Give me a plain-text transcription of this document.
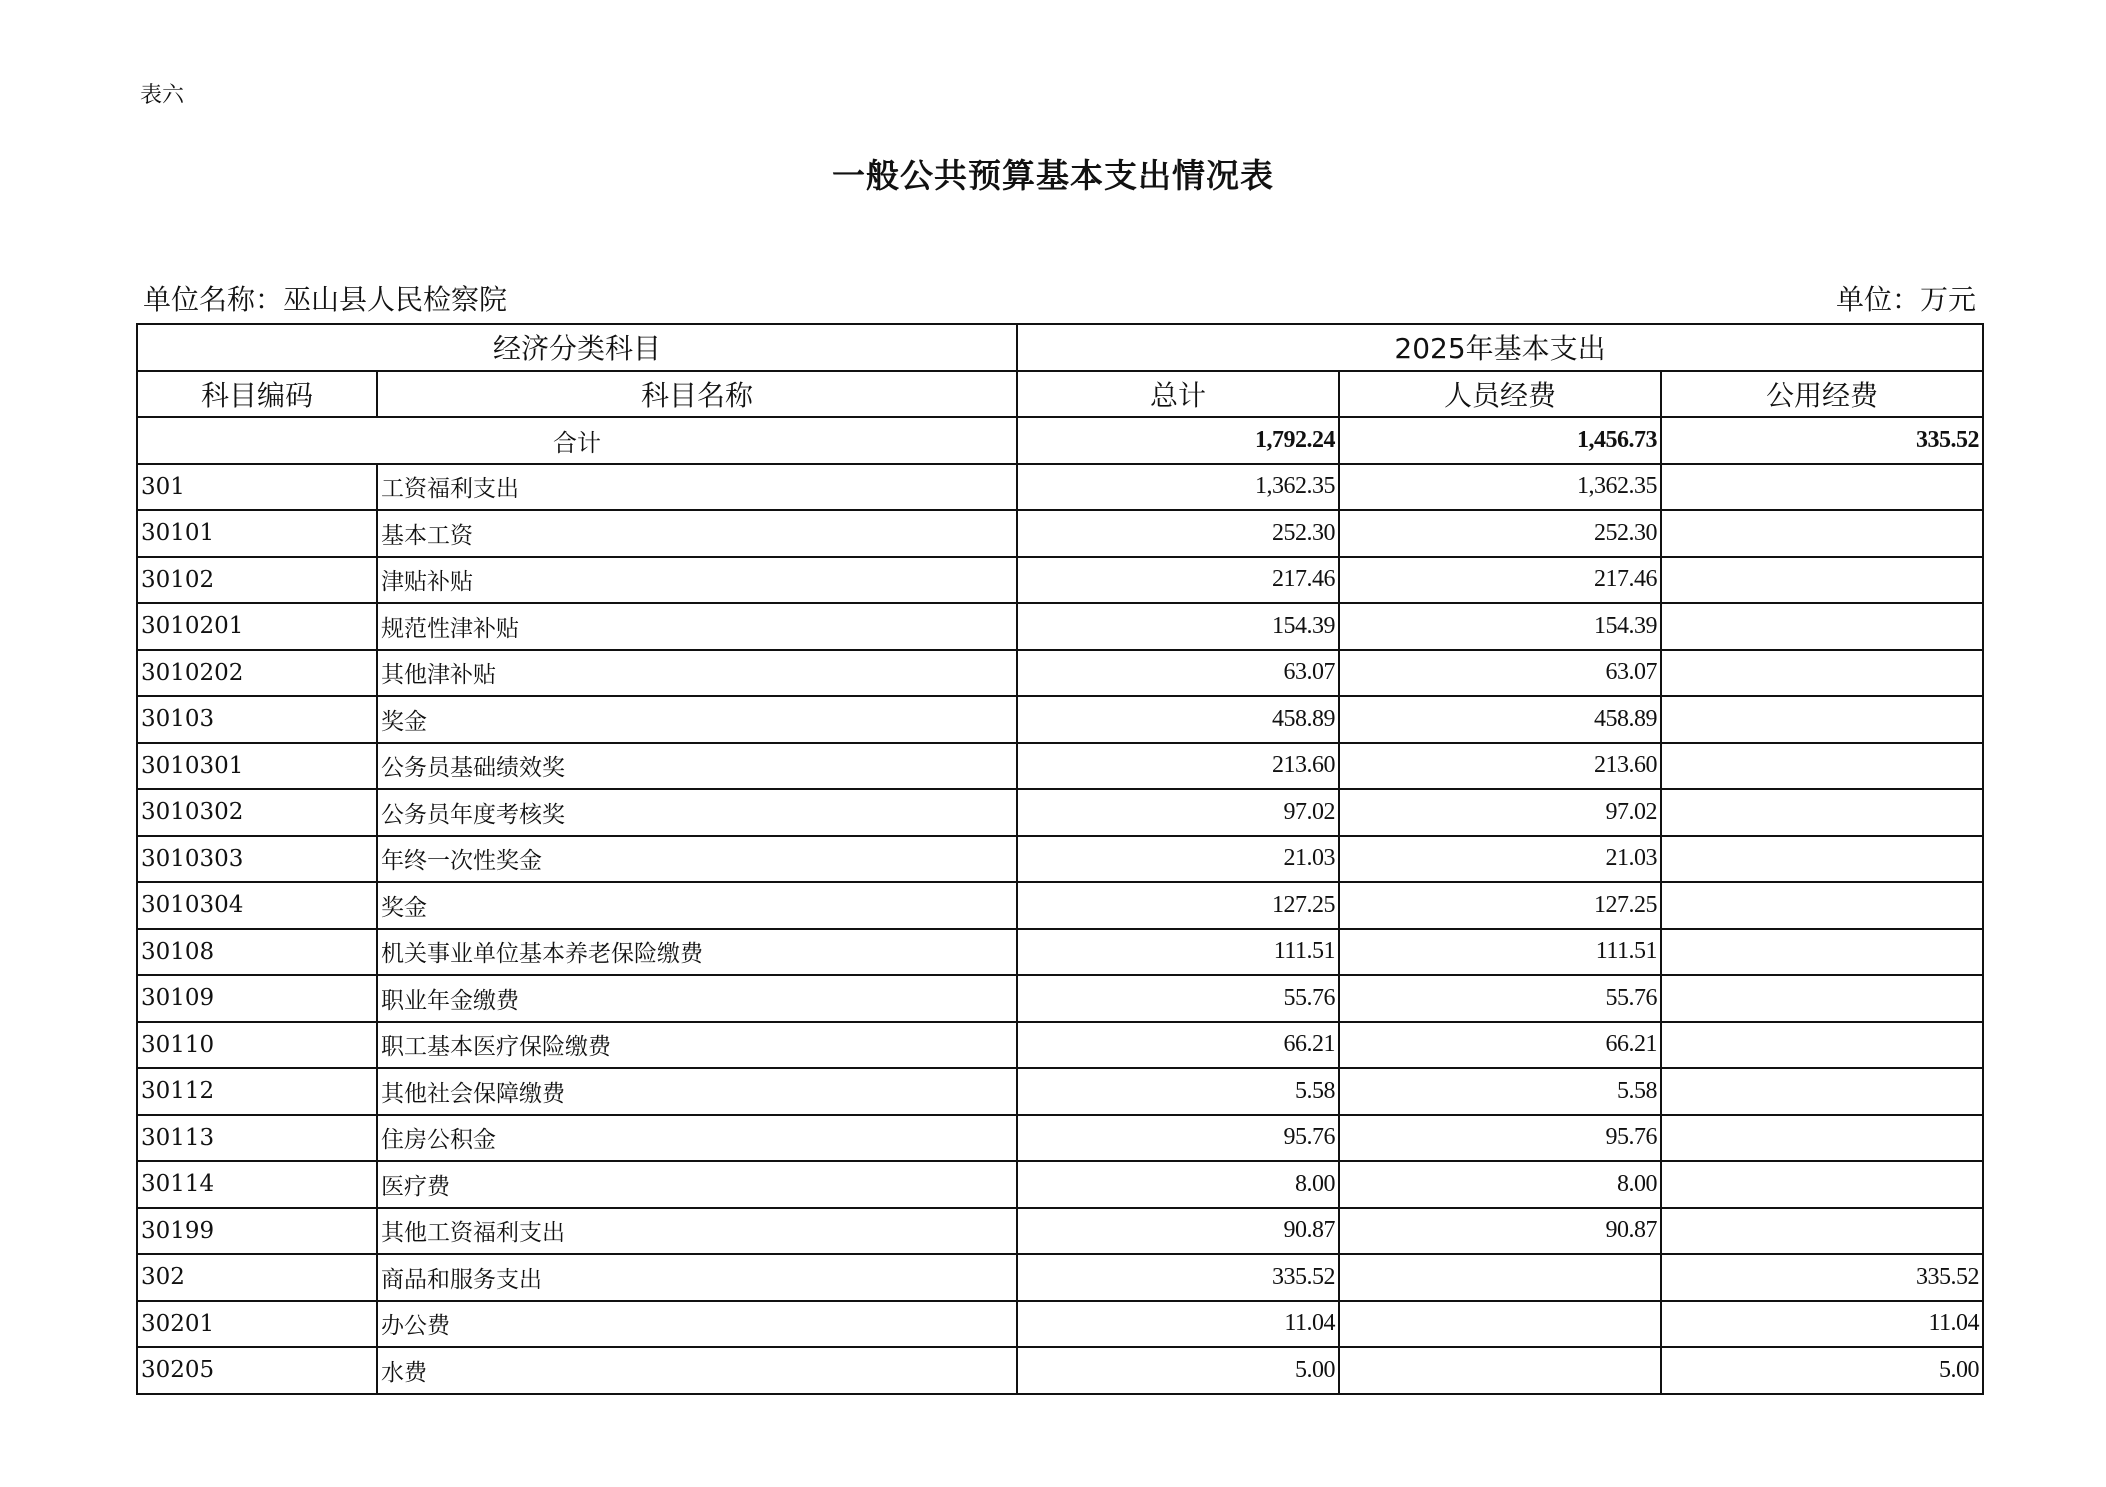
表六
一般公共预算基本支出情况表
单位名称：巫山县人民检察院	单位：万元
经济分类科目		2025年基本支出		
科目编码	科目名称	总计	人员经费	公用经费
合计		1,792.24	1,456.73	335.52
301	工资福利支出	1,362.35	1,362.35	
30101	基本工资	252.30	252.30	
30102	津贴补贴	217.46	217.46	
3010201	规范性津补贴	154.39	154.39	
3010202	其他津补贴	63.07	63.07	
30103	奖金	458.89	458.89	
3010301	公务员基础绩效奖	213.60	213.60	
3010302	公务员年度考核奖	97.02	97.02	
3010303	年终一次性奖金	21.03	21.03	
3010304	奖金	127.25	127.25	
30108	机关事业单位基本养老保险缴费	111.51	111.51	
30109	职业年金缴费	55.76	55.76	
30110	职工基本医疗保险缴费	66.21	66.21	
30112	其他社会保障缴费	5.58	5.58	
30113	住房公积金	95.76	95.76	
30114	医疗费	8.00	8.00	
30199	其他工资福利支出	90.87	90.87	
302	商品和服务支出	335.52		335.52
30201	办公费	11.04		11.04
30205	水费	5.00		5.00
